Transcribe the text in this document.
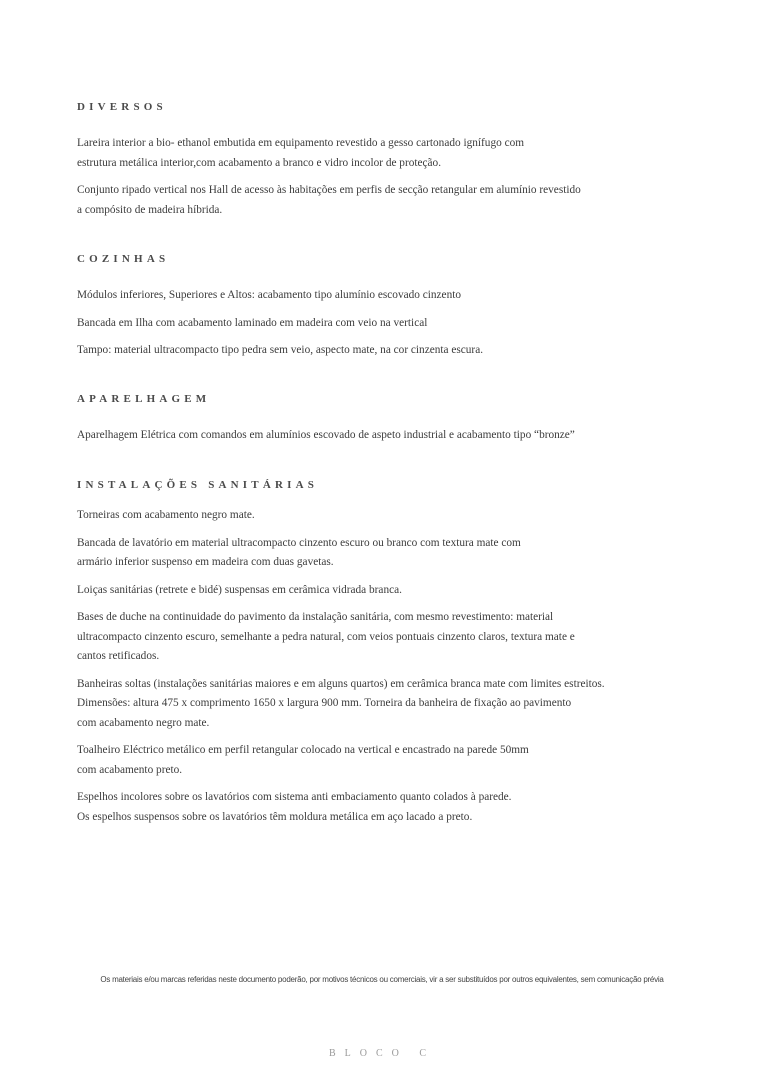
DIVERSOS

Lareira interior a bio- ethanol embutida em equipamento revestido a gesso cartonado ignífugo com
estrutura metálica interior,com acabamento a branco e vidro incolor de proteção.

Conjunto ripado vertical nos Hall de acesso às habitações em perfis de secção retangular em alumínio revestido
a compósito de madeira híbrida.

COZINHAS

Módulos inferiores, Superiores e Altos: acabamento tipo alumínio escovado cinzento

Bancada em Ilha com acabamento laminado em madeira com veio na vertical

Tampo: material ultracompacto tipo pedra sem veio, aspecto mate, na cor cinzenta escura.

APARELHAGEM

Aparelhagem Elétrica com comandos em alumínios escovado de aspeto industrial e acabamento tipo “bronze”

INSTALAÇÕES SANITÁRIAS

Torneiras com acabamento negro mate.

Bancada de lavatório em material ultracompacto cinzento escuro ou branco com textura mate com
armário inferior suspenso em madeira com duas gavetas.

Loiças sanitárias (retrete e bidé) suspensas em cerâmica vidrada branca.

Bases de duche na continuidade do pavimento da instalação sanitária, com mesmo revestimento: material
ultracompacto cinzento escuro, semelhante a pedra natural, com veios pontuais cinzento claros, textura mate e
cantos retificados.

Banheiras soltas (instalações sanitárias maiores e em alguns quartos) em cerâmica branca mate com limites estreitos.
Dimensões: altura 475 x comprimento 1650 x largura 900 mm. Torneira da banheira de fixação ao pavimento
com acabamento negro mate.

Toalheiro Eléctrico metálico em perfil retangular colocado na vertical e encastrado na parede 50mm
com acabamento preto.

Espelhos incolores sobre os lavatórios com sistema anti embaciamento quanto colados à parede.
Os espelhos suspensos sobre os lavatórios têm moldura metálica em aço lacado a preto.

Os materiais e/ou marcas referidas neste documento poderão, por motivos técnicos ou comerciais, vir a ser substituídos por outros equivalentes, sem comunicação prévia
BLOCO C
